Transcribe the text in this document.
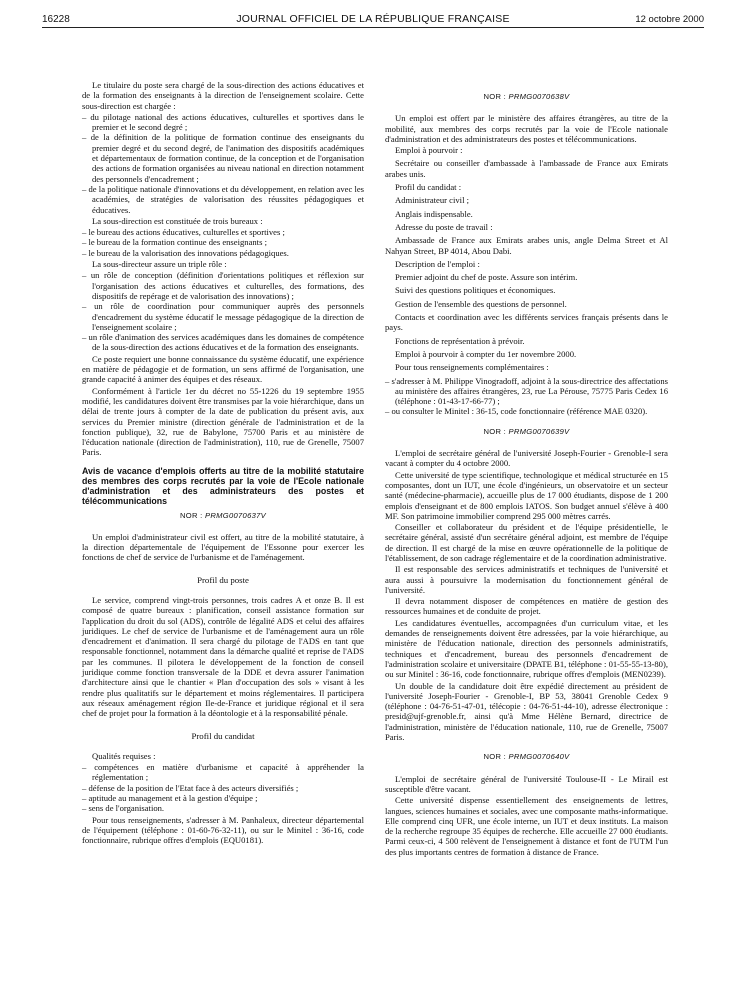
16228	JOURNAL OFFICIEL DE LA RÉPUBLIQUE FRANÇAISE	12 octobre 2000

Le titulaire du poste sera chargé de la sous-direction des actions éducatives et de la formation des enseignants à la direction de l'enseignement scolaire. Cette sous-direction est chargée :

– du pilotage national des actions éducatives, culturelles et sportives dans le premier et le second degré ;
– de la définition de la politique de formation continue des enseignants du premier degré et du second degré, de l'animation des dispositifs académiques et départementaux de formation continue, de la conception et de l'organisation des actions de formation organisées au niveau national en direction notamment des personnels d'encadrement ;
– de la politique nationale d'innovations et du développement, en relation avec les académies, de stratégies de valorisation des réussites pédagogiques et éducatives.

La sous-direction est constituée de trois bureaux :

– le bureau des actions éducatives, culturelles et sportives ;
– le bureau de la formation continue des enseignants ;
– le bureau de la valorisation des innovations pédagogiques.

La sous-directeur assure un triple rôle :

– un rôle de conception (définition d'orientations politiques et réflexion sur l'organisation des actions éducatives et culturelles, des formations, des dispositifs de repérage et de valorisation des innovations) ;
– un rôle de coordination pour communiquer auprès des personnels d'encadrement du système éducatif le message pédagogique de la direction de l'enseignement scolaire ;
– un rôle d'animation des services académiques dans les domaines de compétence de la sous-direction des actions éducatives et de la formation des enseignants.

Ce poste requiert une bonne connaissance du système éducatif, une expérience en matière de pédagogie et de formation, un sens affirmé de l'organisation, une grande capacité à animer des équipes et des réseaux.

Conformément à l'article 1er du décret no 55-1226 du 19 septembre 1955 modifié, les candidatures doivent être transmises par la voie hiérarchique, dans un délai de trente jours à compter de la date de publication du présent avis, aux services du Premier ministre (direction générale de l'administration et de la fonction publique), 32, rue de Babylone, 75700 Paris et au ministère de l'éducation nationale (direction de l'administration), 110, rue de Grenelle, 75007 Paris.

Avis de vacance d'emplois offerts au titre de la mobilité statutaire des membres des corps recrutés par la voie de l'Ecole nationale d'administration et des administrateurs des postes et télécommunications
NOR : PRMG0070637V

Un emploi d'administrateur civil est offert, au titre de la mobilité statutaire, à la direction départementale de l'équipement de l'Essonne pour exercer les fonctions de chef de service de l'urbanisme et de l'aménagement.

Profil du poste

Le service, comprend vingt-trois personnes, trois cadres A et onze B. Il est composé de quatre bureaux : planification, conseil assistance formation sur l'application du droit du sol (ADS), contrôle de légalité ADS et celui des affaires juridiques. Le chef de service de l'urbanisme et de l'aménagement aura un rôle d'encadrement et d'animation. Il sera chargé du pilotage de l'ADS en tant que responsable fonctionnel, notamment dans la démarche qualité et reprise de l'ADS par les communes. Il pilotera le développement de la fonction de conseil juridique comme fonction transversale de la DDE et devra assurer l'animation d'architecture ainsi que le chantier « Plan d'occupation des sols » visant à les rendre plus qualitatifs sur le département et moins réglementaires. Il participera aux réseaux aménagement région Ile-de-France et juridique régional et il sera chef de projet pour la formation à la déontologie et à la responsabilité pénale.

Profil du candidat

Qualités requises :

– compétences en matière d'urbanisme et capacité à appréhender la réglementation ;
– défense de la position de l'Etat face à des acteurs diversifiés ;
– aptitude au management et à la gestion d'équipe ;
– sens de l'organisation.

Pour tous renseignements, s'adresser à M. Panhaleux, directeur départemental de l'équipement (téléphone : 01-60-76-32-11), ou sur le Minitel : 36-16, code fonctionnaire, rubrique offres d'emplois (EQU0181).

NOR : PRMG0070638V

Un emploi est offert par le ministère des affaires étrangères, au titre de la mobilité, aux membres des corps recrutés par la voie de l'Ecole nationale d'administration et des administrateurs des postes et télécommunications.

Emploi à pourvoir :

Secrétaire ou conseiller d'ambassade à l'ambassade de France aux Emirats arabes unis.

Profil du candidat :

Administrateur civil ;

Anglais indispensable.

Adresse du poste de travail :

Ambassade de France aux Emirats arabes unis, angle Delma Street et Al Nahyan Street, BP 4014, Abou Dabi.

Description de l'emploi :

Premier adjoint du chef de poste. Assure son intérim.

Suivi des questions politiques et économiques.

Gestion de l'ensemble des questions de personnel.

Contacts et coordination avec les différents services français présents dans le pays.

Fonctions de représentation à prévoir.

Emploi à pourvoir à compter du 1er novembre 2000.

Pour tous renseignements complémentaires :

– s'adresser à M. Philippe Vinogradoff, adjoint à la sous-directrice des affectations au ministère des affaires étrangères, 23, rue La Pérouse, 75775 Paris Cedex 16 (téléphone : 01-43-17-66-77) ;
– ou consulter le Minitel : 36-15, code fonctionnaire (référence MAE 0320).
NOR : PRMG0070639V

L'emploi de secrétaire général de l'université Joseph-Fourier - Grenoble-I sera vacant à compter du 4 octobre 2000.

Cette université de type scientifique, technologique et médical structurée en 15 composantes, dont un IUT, une école d'ingénieurs, un observatoire et un secteur santé (médecine-pharmacie), accueille plus de 17 000 étudiants, dispose de 1 200 emplois d'enseignant et de 800 emplois IATOS. Son budget annuel s'élève à 400 MF. Son patrimoine immobilier comprend 295 000 mètres carrés.

Conseiller et collaborateur du président et de l'équipe présidentielle, le secrétaire général, assisté d'un secrétaire général adjoint, est membre de l'équipe de direction. Il est chargé de la mise en œuvre opérationnelle de la politique de l'établissement, de son cadrage réglementaire et de la coordination administrative.

Il est responsable des services administratifs et techniques de l'université et aura aussi à poursuivre la modernisation du fonctionnement général de l'université.

Il devra notamment disposer de compétences en matière de gestion des ressources humaines et de conduite de projet.

Les candidatures éventuelles, accompagnées d'un curriculum vitae, et les demandes de renseignements doivent être adressées, par la voie hiérarchique, au ministère de l'éducation nationale, direction des personnels administratifs, techniques et d'encadrement, bureau des personnels d'encadrement de l'administration scolaire et universitaire (DPATE B1, téléphone : 01-55-55-13-80), ou sur Minitel : 36-16, code fonctionnaire, rubrique offres d'emplois (MEN0239).

Un double de la candidature doit être expédié directement au président de l'université Joseph-Fourier - Grenoble-I, BP 53, 38041 Grenoble Cedex 9 (téléphone : 04-76-51-47-01, télécopie : 04-76-51-44-10), adresse électronique : presid@ujf-grenoble.fr, ainsi qu'à Mme Hélène Bernard, directrice de l'administration, ministère de l'éducation nationale, 110, rue de Grenelle, 75007 Paris.

NOR : PRMG0070640V

L'emploi de secrétaire général de l'université Toulouse-II - Le Mirail est susceptible d'être vacant.

Cette université dispense essentiellement des enseignements de lettres, langues, sciences humaines et sociales, avec une composante maths-informatique. Elle comprend cinq UFR, une école interne, un IUT et deux instituts. La maison de la recherche regroupe 35 équipes de recherche. Elle accueille 27 000 étudiants. Parmi ceux-ci, 4 500 relèvent de l'enseignement à distance et font de l'UTM l'un des plus importants centres de formation à distance de France.
